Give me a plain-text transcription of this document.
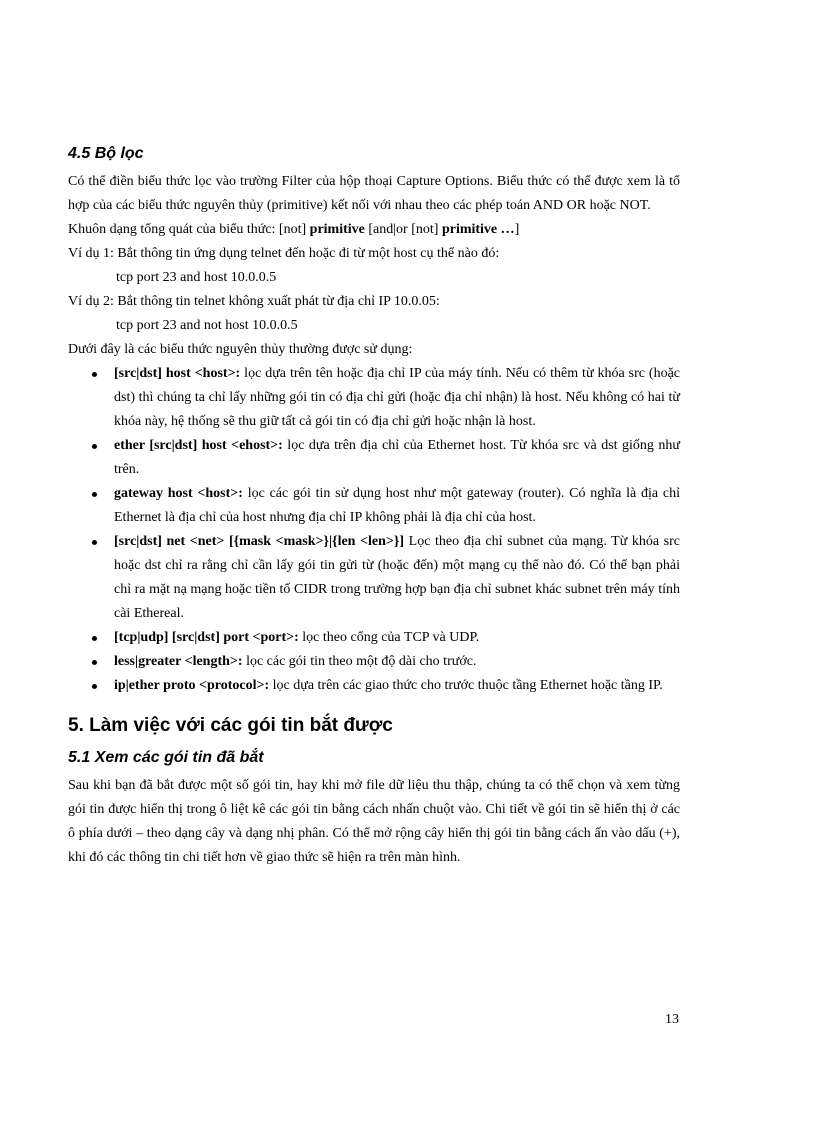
4.5 Bộ lọc

Có thể điền biểu thức lọc vào trường Filter của hộp thoại Capture Options. Biểu thức có thể được xem là tổ hợp của các biểu thức nguyên thủy (primitive) kết nối với nhau theo các phép toán AND OR hoặc NOT.

Khuôn dạng tổng quát của biểu thức: [not] primitive [and|or [not] primitive …]

Ví dụ 1: Bắt thông tin ứng dụng telnet đến hoặc đi từ một host cụ thể nào đó:

tcp port 23 and host 10.0.0.5

Ví dụ 2: Bắt thông tin telnet không xuất phát từ địa chỉ IP 10.0.05:

tcp port 23 and not host 10.0.0.5

Dưới đây là các biểu thức nguyên thủy thường được sử dụng:

[src|dst] host <host>: lọc dựa trên tên hoặc địa chỉ IP của máy tính. Nếu có thêm từ khóa src (hoặc dst) thì chúng ta chỉ lấy những gói tin có địa chỉ gửi (hoặc địa chỉ nhận) là host. Nếu không có hai từ khóa này, hệ thống sẽ thu giữ tất cả gói tin có địa chỉ gửi hoặc nhận là host.
ether [src|dst] host <ehost>: lọc dựa trên địa chỉ của Ethernet host. Từ khóa src và dst giống như trên.
gateway host <host>: lọc các gói tin sử dụng host như một gateway (router). Có nghĩa là địa chỉ Ethernet là địa chỉ của host nhưng địa chỉ IP không phải là địa chỉ của host.
[src|dst] net <net> [{mask <mask>}|{len <len>}] Lọc theo địa chỉ subnet của mạng. Từ khóa src hoặc dst chỉ ra rằng chỉ cần lấy gói tin gửi từ (hoặc đến) một mạng cụ thể nào đó. Có thể bạn phải chỉ ra mặt nạ mạng hoặc tiền tố CIDR trong trường hợp bạn địa chỉ subnet khác subnet trên máy tính cài Ethereal.
[tcp|udp] [src|dst] port <port>: lọc theo cổng của TCP và UDP.
less|greater <length>: lọc các gói tin theo một độ dài cho trước.
ip|ether proto <protocol>: lọc dựa trên các giao thức cho trước thuộc tầng Ethernet hoặc tầng IP.
5. Làm việc với các gói tin bắt được
5.1 Xem các gói tin đã bắt

Sau khi bạn đã bắt được một số gói tin, hay khi mở file dữ liệu thu thập, chúng ta có thể chọn và xem từng gói tin được hiển thị trong ô liệt kê các gói tin bằng cách nhấn chuột vào. Chi tiết về gói tin sẽ hiển thị ở các ô phía dưới – theo dạng cây và dạng nhị phân. Có thể mở rộng cây hiển thị gói tin bằng cách ấn vào dấu (+), khi đó các thông tin chi tiết hơn về giao thức sẽ hiện ra trên màn hình.

13
